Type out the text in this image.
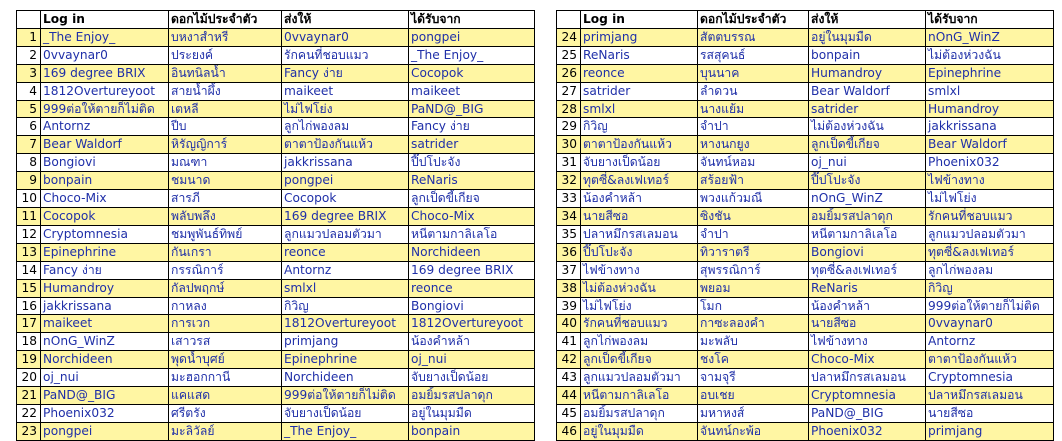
	Log in	ดอกไม้ประจำตัว	ส่งให้	ได้รับจาก
1	_The Enjoy_	บหงาสำหรี	0vvaynar0	pongpei
2	0vvaynar0	ประยงค์	รักคนที่ชอบแมว	_The Enjoy_
3	169 degree BRIX	อินทนิลน้ำ	Fancy ง่าย	Cocopok
4	1812Overtureyoot	สายน้ำผึ้ง	maikeet	maikeet
5	999ต่อให้ตายก็ไม่ติด	เตหลี	ไม่ไฟโย่ง	PaND@_BIG
6	Antornz	ปีบ	ลูกไก่พองลม	Fancy ง่าย
7	Bear Waldorf	หิรัญญิการ์	ตาตาป้องกันแห้ว	satrider
8	Bongiovi	มณฑา	jakkrissana	ปี๊ปโปะจัง
9	bonpain	ชมนาด	pongpei	ReNaris
10	Choco-Mix	สารภี	Cocopok	ลูกเป็ดขี้เกียจ
11	Cocopok	พลับพลึง	169 degree BRIX	Choco-Mix
12	Cryptomnesia	ชมพูพันธ์ทิพย์	ลูกแมวปลอมตัวมา	หนีตามกาลิเลโอ
13	Epinephrine	กันเกรา	reonce	Norchideen
14	Fancy ง่าย	กรรณิการ์	Antornz	169 degree BRIX
15	Humandroy	กัลปพฤกษ์	smlxl	reonce
16	jakkrissana	กาหลง	กิวิญ	Bongiovi
17	maikeet	การเวก	1812Overtureyoot	1812Overtureyoot
18	nOnG_WinZ	เสาวรส	primjang	น้องคำหล้า
19	Norchideen	พุดน้ำบุศย์	Epinephrine	oj_nui
20	oj_nui	มะฮอกกานี	Norchideen	จับยางเป็ดน้อย
21	PaND@_BIG	แคแสด	999ต่อให้ตายก็ไม่ติด	อมยิ้มรสปลาดุก
22	Phoenix032	ศรีตรัง	จับยางเป็ดน้อย	อยู่ในมุมมืด
23	pongpei	มะลิวัลย์	_The Enjoy_	bonpain
	Log in	ดอกไม้ประจำตัว	ส่งให้	ได้รับจาก
24	primjang	สัตตบรรณ	อยู่ในมุมมืด	nOnG_WinZ
25	ReNaris	รสสุคนธ์	bonpain	ไม่ต้องห่วงฉัน
26	reonce	บุนนาค	Humandroy	Epinephrine
27	satrider	ลำดวน	Bear Waldorf	smlxl
28	smlxl	นางแย้ม	satrider	Humandroy
29	กิวิญ	จำปา	ไม่ต้องห่วงฉัน	jakkrissana
30	ตาตาป้องกันแห้ว	หางนกยูง	ลูกเป็ดขี้เกียจ	Bear Waldorf
31	จับยางเป็ดน้อย	จันทน์หอม	oj_nui	Phoenix032
32	ทุตซี่&ลงเฟเทอร์	สร้อยฟ้า	ปี๊ปโปะจัง	ไฟข้างทาง
33	น้องคำหล้า	พวงแก้วมณี	nOnG_WinZ	ไม่ไฟโย่ง
34	นายสีซอ	ซิงชัน	อมยิ้มรสปลาดุก	รักคนที่ชอบแมว
35	ปลาหมึกรสเลมอน	จำปา	หนีตามกาลิเลโอ	ลูกแมวปลอมตัวมา
36	ปี๊ปโปะจัง	ทิวาราตรี	Bongiovi	ทุตซี่&ลงเฟเทอร์
37	ไฟข้างทาง	สุพรรณิการ์	ทุตซี่&ลงเฟเทอร์	ลูกไก่พองลม
38	ไม่ต้องห่วงฉัน	พยอม	ReNaris	กิวิญ
39	ไม่ไฟโย่ง	โมก	น้องคำหล้า	999ต่อให้ตายก็ไม่ติด
40	รักคนที่ชอบแมว	กาซะลองคำ	นายสีซอ	0vvaynar0
41	ลูกไก่พองลม	มะพลับ	ไฟข้างทาง	Antornz
42	ลูกเป็ดขี้เกียจ	ชงโค	Choco-Mix	ตาตาป้องกันแห้ว
43	ลูกแมวปลอมตัวมา	จามจุรี	ปลาหมึกรสเลมอน	Cryptomnesia
44	หนีตามกาลิเลโอ	อบเชย	Cryptomnesia	ปลาหมึกรสเลมอน
45	อมยิ้มรสปลาดุก	มหาหงส์	PaND@_BIG	นายสีซอ
46	อยู่ในมุมมืด	จันทน์กะพ้อ	Phoenix032	primjang
